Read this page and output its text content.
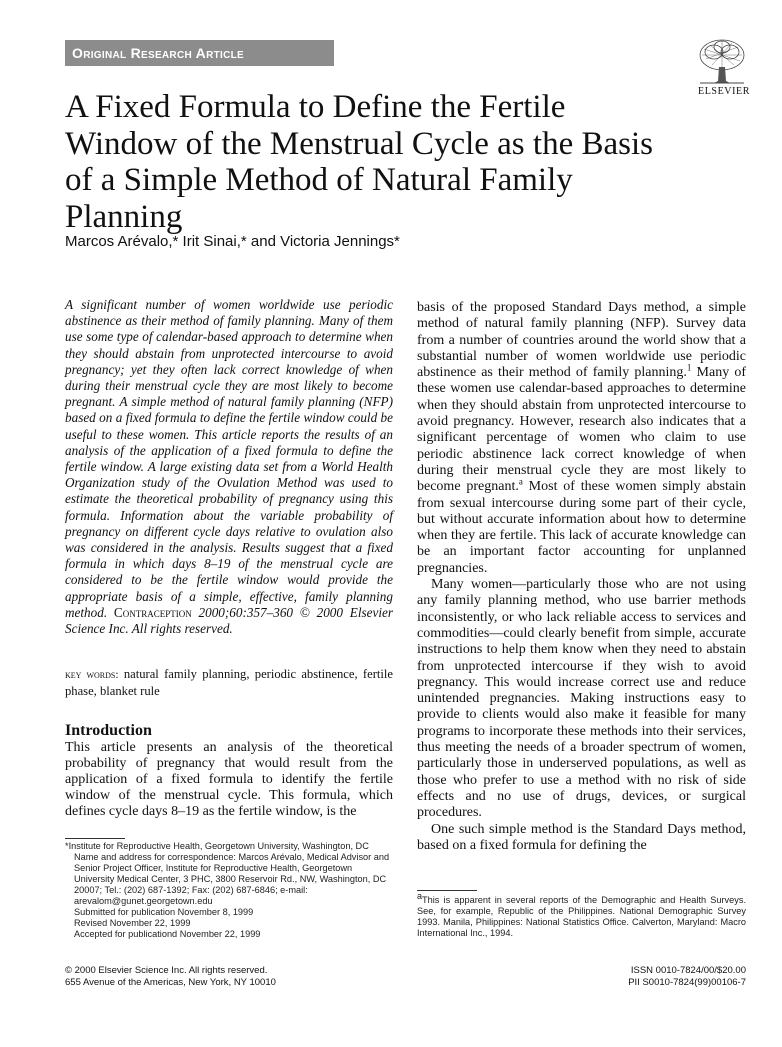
Original Research Article
ELSEVIER
A Fixed Formula to Define the Fertile Window of the Menstrual Cycle as the Basis of a Simple Method of Natural Family Planning
Marcos Arévalo,* Irit Sinai,* and Victoria Jennings*
A significant number of women worldwide use periodic abstinence as their method of family planning. Many of them use some type of calendar-based approach to determine when they should abstain from unprotected intercourse to avoid pregnancy; yet they often lack correct knowledge of when during their menstrual cycle they are most likely to become pregnant. A simple method of natural family planning (NFP) based on a fixed formula to define the fertile window could be useful to these women. This article reports the results of an analysis of the application of a fixed formula to define the fertile window. A large existing data set from a World Health Organization study of the Ovulation Method was used to estimate the theoretical probability of pregnancy using this formula. Information about the variable probability of pregnancy on different cycle days relative to ovulation also was considered in the analysis. Results suggest that a fixed formula in which days 8–19 of the menstrual cycle are considered to be the fertile window would provide the appropriate basis of a simple, effective, family planning method. Contraception 2000;60:357–360 © 2000 Elsevier Science Inc. All rights reserved.
key words: natural family planning, periodic abstinence, fertile phase, blanket rule
Introduction
This article presents an analysis of the theoretical probability of pregnancy that would result from the application of a fixed formula to identify the fertile window of the menstrual cycle. This formula, which defines cycle days 8–19 as the fertile window, is the

basis of the proposed Standard Days method, a simple method of natural family planning (NFP). Survey data from a number of countries around the world show that a substantial number of women worldwide use periodic abstinence as their method of family planning.$^1$ Many of these women use calendar-based approaches to determine when they should abstain from unprotected intercourse to avoid pregnancy. However, research also indicates that a significant percentage of women who claim to use periodic abstinence lack correct knowledge of when during their menstrual cycle they are most likely to become pregnant.$^a$ Most of these women simply abstain from sexual intercourse during some part of their cycle, but without accurate information about how to determine when they are fertile. This lack of accurate knowledge can be an important factor accounting for unplanned pregnancies.

Many women—particularly those who are not using any family planning method, who use barrier methods inconsistently, or who lack reliable access to services and commodities—could clearly benefit from simple, accurate instructions to help them know when they need to abstain from unprotected intercourse if they wish to avoid pregnancy. This would increase correct use and reduce unintended pregnancies. Making instructions easy to provide to clients would also make it feasible for many programs to incorporate these methods into their services, thus meeting the needs of a broader spectrum of women, particularly those in underserved populations, as well as those who prefer to use a method with no risk of side effects and no use of drugs, devices, or surgical procedures.

One such simple method is the Standard Days method, based on a fixed formula for defining the

*Institute for Reproductive Health, Georgetown University, Washington, DC
Name and address for correspondence: Marcos Arévalo, Medical Advisor and Senior Project Officer, Institute for Reproductive Health, Georgetown University Medical Center, 3 PHC, 3800 Reservoir Rd., NW, Washington, DC 20007; Tel.: (202) 687-1392; Fax: (202) 687-6846; e-mail: arevalom@gunet.georgetown.edu
Submitted for publication November 8, 1999
Revised November 22, 1999
Accepted for publicationd November 22, 1999
$^a$This is apparent in several reports of the Demographic and Health Surveys. See, for example, Republic of the Philippines. National Demographic Survey 1993. Manila, Philippines: National Statistics Office. Calverton, Maryland: Macro International Inc., 1994.
© 2000 Elsevier Science Inc. All rights reserved.
655 Avenue of the Americas, New York, NY 10010
ISSN 0010-7824/00/$20.00
PII S0010-7824(99)00106-7
